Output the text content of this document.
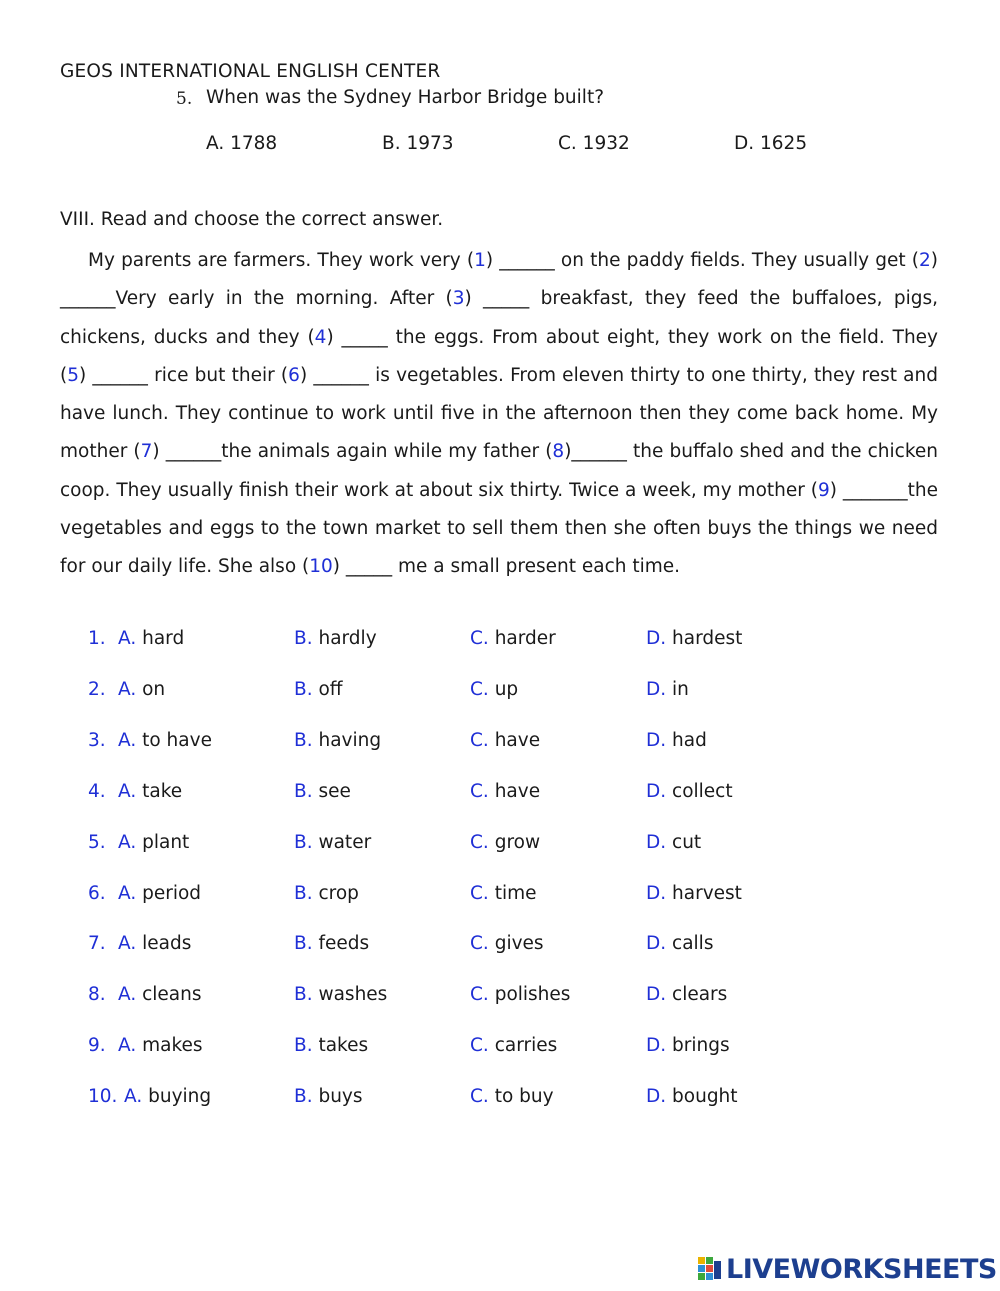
GEOS INTERNATIONAL ENGLISH CENTER
5. When was the Sydney Harbor Bridge built?
A. 1788	B. 1973	C. 1932	D. 1625
VIII. Read and choose the correct answer.
My parents are farmers. They work very (1) ______ on the paddy fields. They usually get (2) ______Very early in the morning. After (3) _____ breakfast, they feed the buffaloes, pigs, chickens, ducks and they (4) _____ the eggs. From about eight, they work on the field. They (5) ______ rice but their (6) ______ is vegetables. From eleven thirty to one thirty, they rest and have lunch. They continue to work until five in the afternoon then they come back home. My mother (7) ______the animals again while my father (8)______ the buffalo shed and the chicken coop. They usually finish their work at about six thirty. Twice a week, my mother (9) _______the vegetables and eggs to the town market to sell them then she often buys the things we need for our daily life. She also (10) _____ me a small present each time.
1. A. hard	B. hardly	C. harder	D. hardest
2. A. on	B. off	C. up	D. in
3. A. to have	B. having	C. have	D. had
4. A. take	B. see	C. have	D. collect
5. A. plant	B. water	C. grow	D. cut
6. A. period	B. crop	C. time	D. harvest
7. A. leads	B. feeds	C. gives	D. calls
8. A. cleans	B. washes	C. polishes	D. clears
9. A. makes	B. takes	C. carries	D. brings
10. A. buying	B. buys	C. to buy	D. bought
LIVEWORKSHEETS
